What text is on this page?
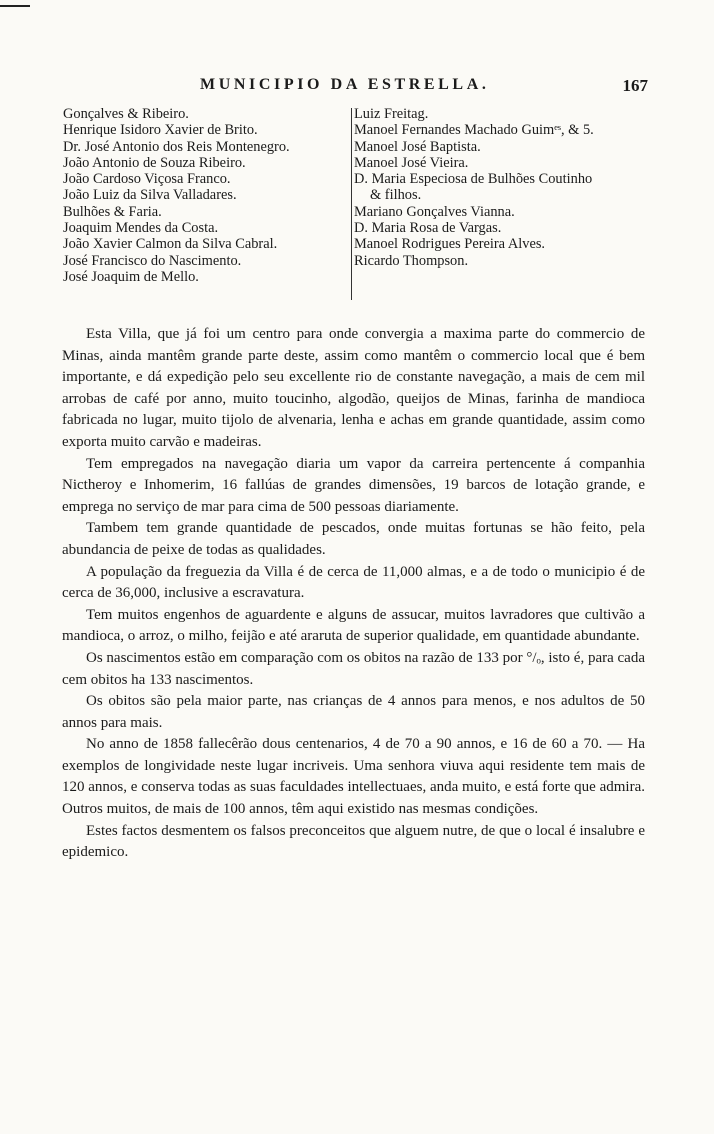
MUNICIPIO DA ESTRELLA.	167
Gonçalves & Ribeiro.
Henrique Isidoro Xavier de Brito.
Dr. José Antonio dos Reis Montenegro.
João Antonio de Souza Ribeiro.
João Cardoso Viçosa Franco.
João Luiz da Silva Valladares.
Bulhões & Faria.
Joaquim Mendes da Costa.
João Xavier Calmon da Silva Cabral.
José Francisco do Nascimento.
José Joaquim de Mello.
Luiz Freitag.
Manoel Fernandes Machado Guimᵉˢ, & 5.
Manoel José Baptista.
Manoel José Vieira.
D. Maria Especiosa de Bulhões Coutinho
& filhos.
Mariano Gonçalves Vianna.
D. Maria Rosa de Vargas.
Manoel Rodrigues Pereira Alves.
Ricardo Thompson.

Esta Villa, que já foi um centro para onde convergia a maxima parte do commercio de Minas, ainda mantêm grande parte deste, assim como mantêm o commercio local que é bem importante, e dá expedição pelo seu excellente rio de constante navegação, a mais de cem mil arrobas de café por anno, muito toucinho, algodão, queijos de Minas, farinha de mandioca fabricada no lugar, muito tijolo de alvenaria, lenha e achas em grande quantidade, assim como exporta muito carvão e madeiras.

Tem empregados na navegação diaria um vapor da carreira pertencente á companhia Nictheroy e Inhomerim, 16 fallúas de grandes dimensões, 19 barcos de lotação grande, e emprega no serviço de mar para cima de 500 pessoas diariamente.

Tambem tem grande quantidade de pescados, onde muitas fortunas se hão feito, pela abundancia de peixe de todas as qualidades.

A população da freguezia da Villa é de cerca de 11,000 almas, e a de todo o municipio é de cerca de 36,000, inclusive a escravatura.

Tem muitos engenhos de aguardente e alguns de assucar, muitos lavradores que cultivão a mandioca, o arroz, o milho, feijão e até araruta de superior qualidade, em quantidade abundante.

Os nascimentos estão em comparação com os obitos na razão de 133 por °/ₒ, isto é, para cada cem obitos ha 133 nascimentos.

Os obitos são pela maior parte, nas crianças de 4 annos para menos, e nos adultos de 50 annos para mais.

No anno de 1858 fallecêrão dous centenarios, 4 de 70 a 90 annos, e 16 de 60 a 70. — Ha exemplos de longividade neste lugar incriveis. Uma senhora viuva aqui residente tem mais de 120 annos, e conserva todas as suas faculdades intellectuaes, anda muito, e está forte que admira. Outros muitos, de mais de 100 annos, têm aqui existido nas mesmas condições.

Estes factos desmentem os falsos preconceitos que alguem nutre, de que o local é insalubre e epidemico.
